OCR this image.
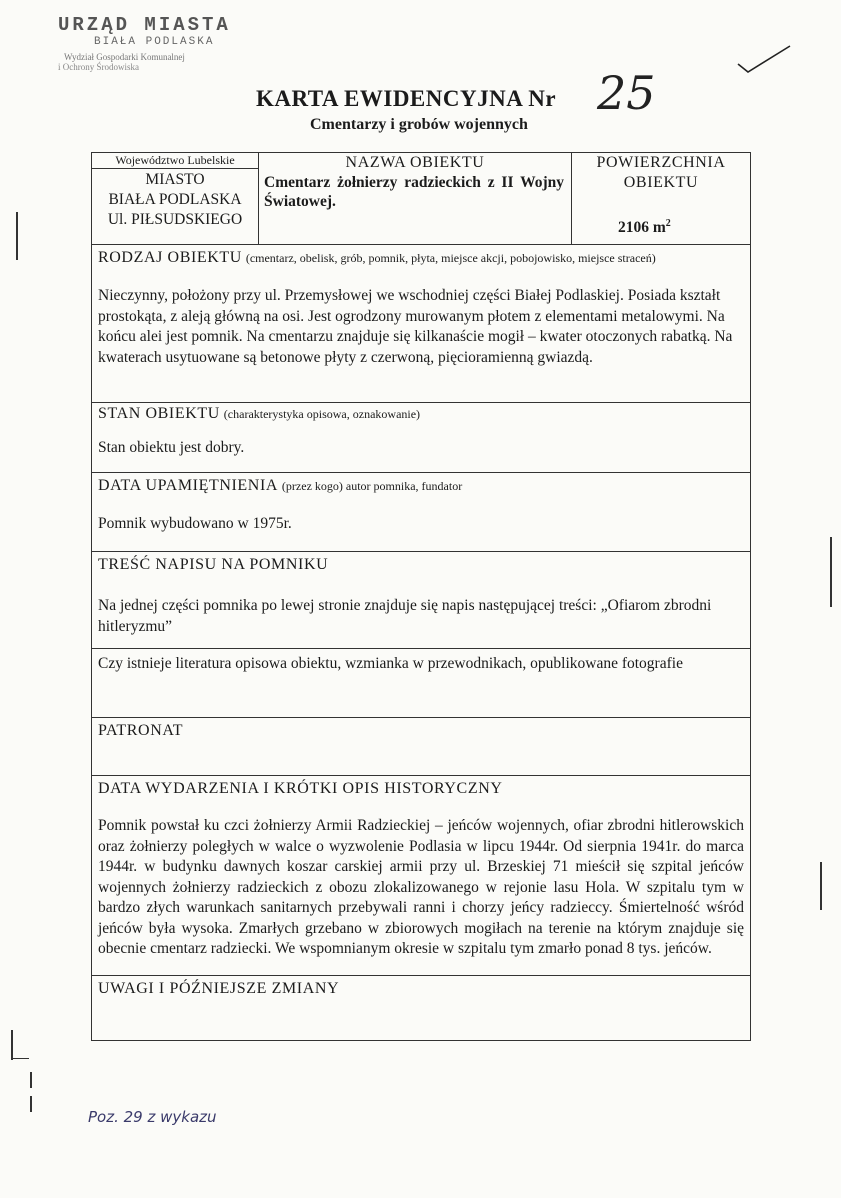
URZĄD MIASTA
BIAŁA PODLASKA
Wydział Gospodarki Komunalnej
i Ochrony Środowiska
KARTA EWIDENCYJNA Nr 25
Cmentarzy i grobów wojennych
Województwo Lubelskie
MIASTO
BIAŁA PODLASKA
Ul. PIŁSUDSKIEGO
NAZWA OBIEKTU
Cmentarz żołnierzy radzieckich z II Wojny Światowej.
POWIERZCHNIA
OBIEKTU
2106 $m^2$
RODZAJ OBIEKTU (cmentarz, obelisk, grób, pomnik, płyta, miejsce akcji, pobojowisko, miejsce straceń)
Nieczynny, położony przy ul. Przemysłowej we wschodniej części Białej Podlaskiej. Posiada kształt prostokąta, z aleją główną na osi. Jest ogrodzony murowanym płotem z elementami metalowymi. Na końcu alei jest pomnik. Na cmentarzu znajduje się kilkanaście mogił – kwater otoczonych rabatką. Na kwaterach usytuowane są betonowe płyty z czerwoną, pięcioramienną gwiazdą.
STAN OBIEKTU (charakterystyka opisowa, oznakowanie)
Stan obiektu jest dobry.
DATA UPAMIĘTNIENIA (przez kogo) autor pomnika, fundator
Pomnik wybudowano w 1975r.
TREŚĆ NAPISU NA POMNIKU
Na jednej części pomnika po lewej stronie znajduje się napis następującej treści: „Ofiarom zbrodni hitleryzmu”
Czy istnieje literatura opisowa obiektu, wzmianka w przewodnikach, opublikowane fotografie
PATRONAT
DATA WYDARZENIA I KRÓTKI OPIS HISTORYCZNY
Pomnik powstał ku czci żołnierzy Armii Radzieckiej – jeńców wojennych, ofiar zbrodni hitlerowskich oraz żołnierzy poległych w walce o wyzwolenie Podlasia w lipcu 1944r. Od sierpnia 1941r. do marca 1944r. w budynku dawnych koszar carskiej armii przy ul. Brzeskiej 71 mieścił się szpital jeńców wojennych żołnierzy radzieckich z obozu zlokalizowanego w rejonie lasu Hola. W szpitalu tym w bardzo złych warunkach sanitarnych przebywali ranni i chorzy jeńcy radzieccy. Śmiertelność wśród jeńców była wysoka. Zmarłych grzebano w zbiorowych mogiłach na terenie na którym znajduje się obecnie cmentarz radziecki. We wspomnianym okresie w szpitalu tym zmarło ponad 8 tys. jeńców.
UWAGI I PÓŹNIEJSZE ZMIANY
Poz. 29 z wykazu
